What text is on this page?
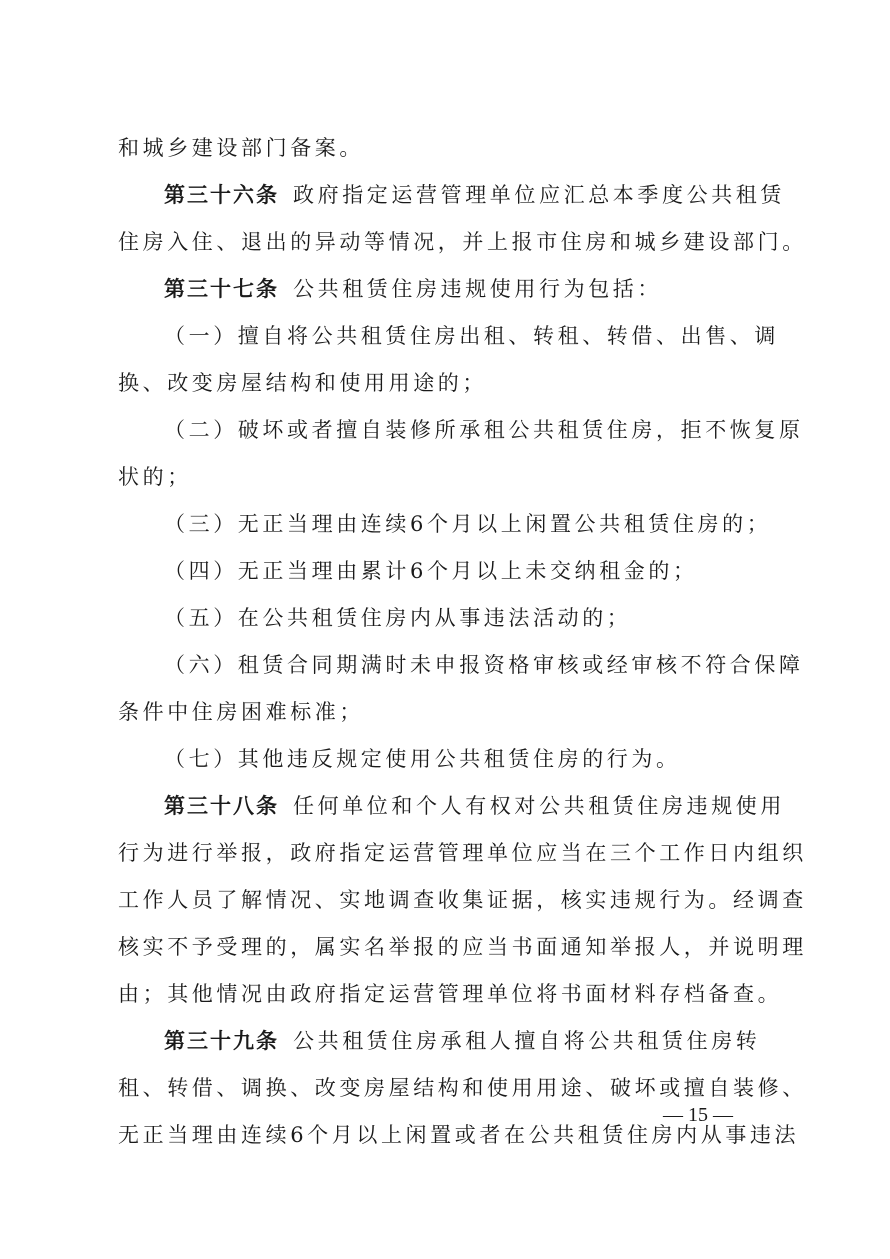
和城乡建设部门备案。
第三十六条 政府指定运营管理单位应汇总本季度公共租赁
住房入住、退出的异动等情况，并上报市住房和城乡建设部门。
第三十七条 公共租赁住房违规使用行为包括：
（一）擅自将公共租赁住房出租、转租、转借、出售、调
换、改变房屋结构和使用用途的；
（二）破坏或者擅自装修所承租公共租赁住房，拒不恢复原
状的；
（三）无正当理由连续6个月以上闲置公共租赁住房的；
（四）无正当理由累计6个月以上未交纳租金的；
（五）在公共租赁住房内从事违法活动的；
（六）租赁合同期满时未申报资格审核或经审核不符合保障
条件中住房困难标准；
（七）其他违反规定使用公共租赁住房的行为。
第三十八条 任何单位和个人有权对公共租赁住房违规使用
行为进行举报，政府指定运营管理单位应当在三个工作日内组织
工作人员了解情况、实地调查收集证据，核实违规行为。经调查
核实不予受理的，属实名举报的应当书面通知举报人，并说明理
由；其他情况由政府指定运营管理单位将书面材料存档备查。
第三十九条 公共租赁住房承租人擅自将公共租赁住房转
租、转借、调换、改变房屋结构和使用用途、破坏或擅自装修、
无正当理由连续6个月以上闲置或者在公共租赁住房内从事违法
— 15 —
